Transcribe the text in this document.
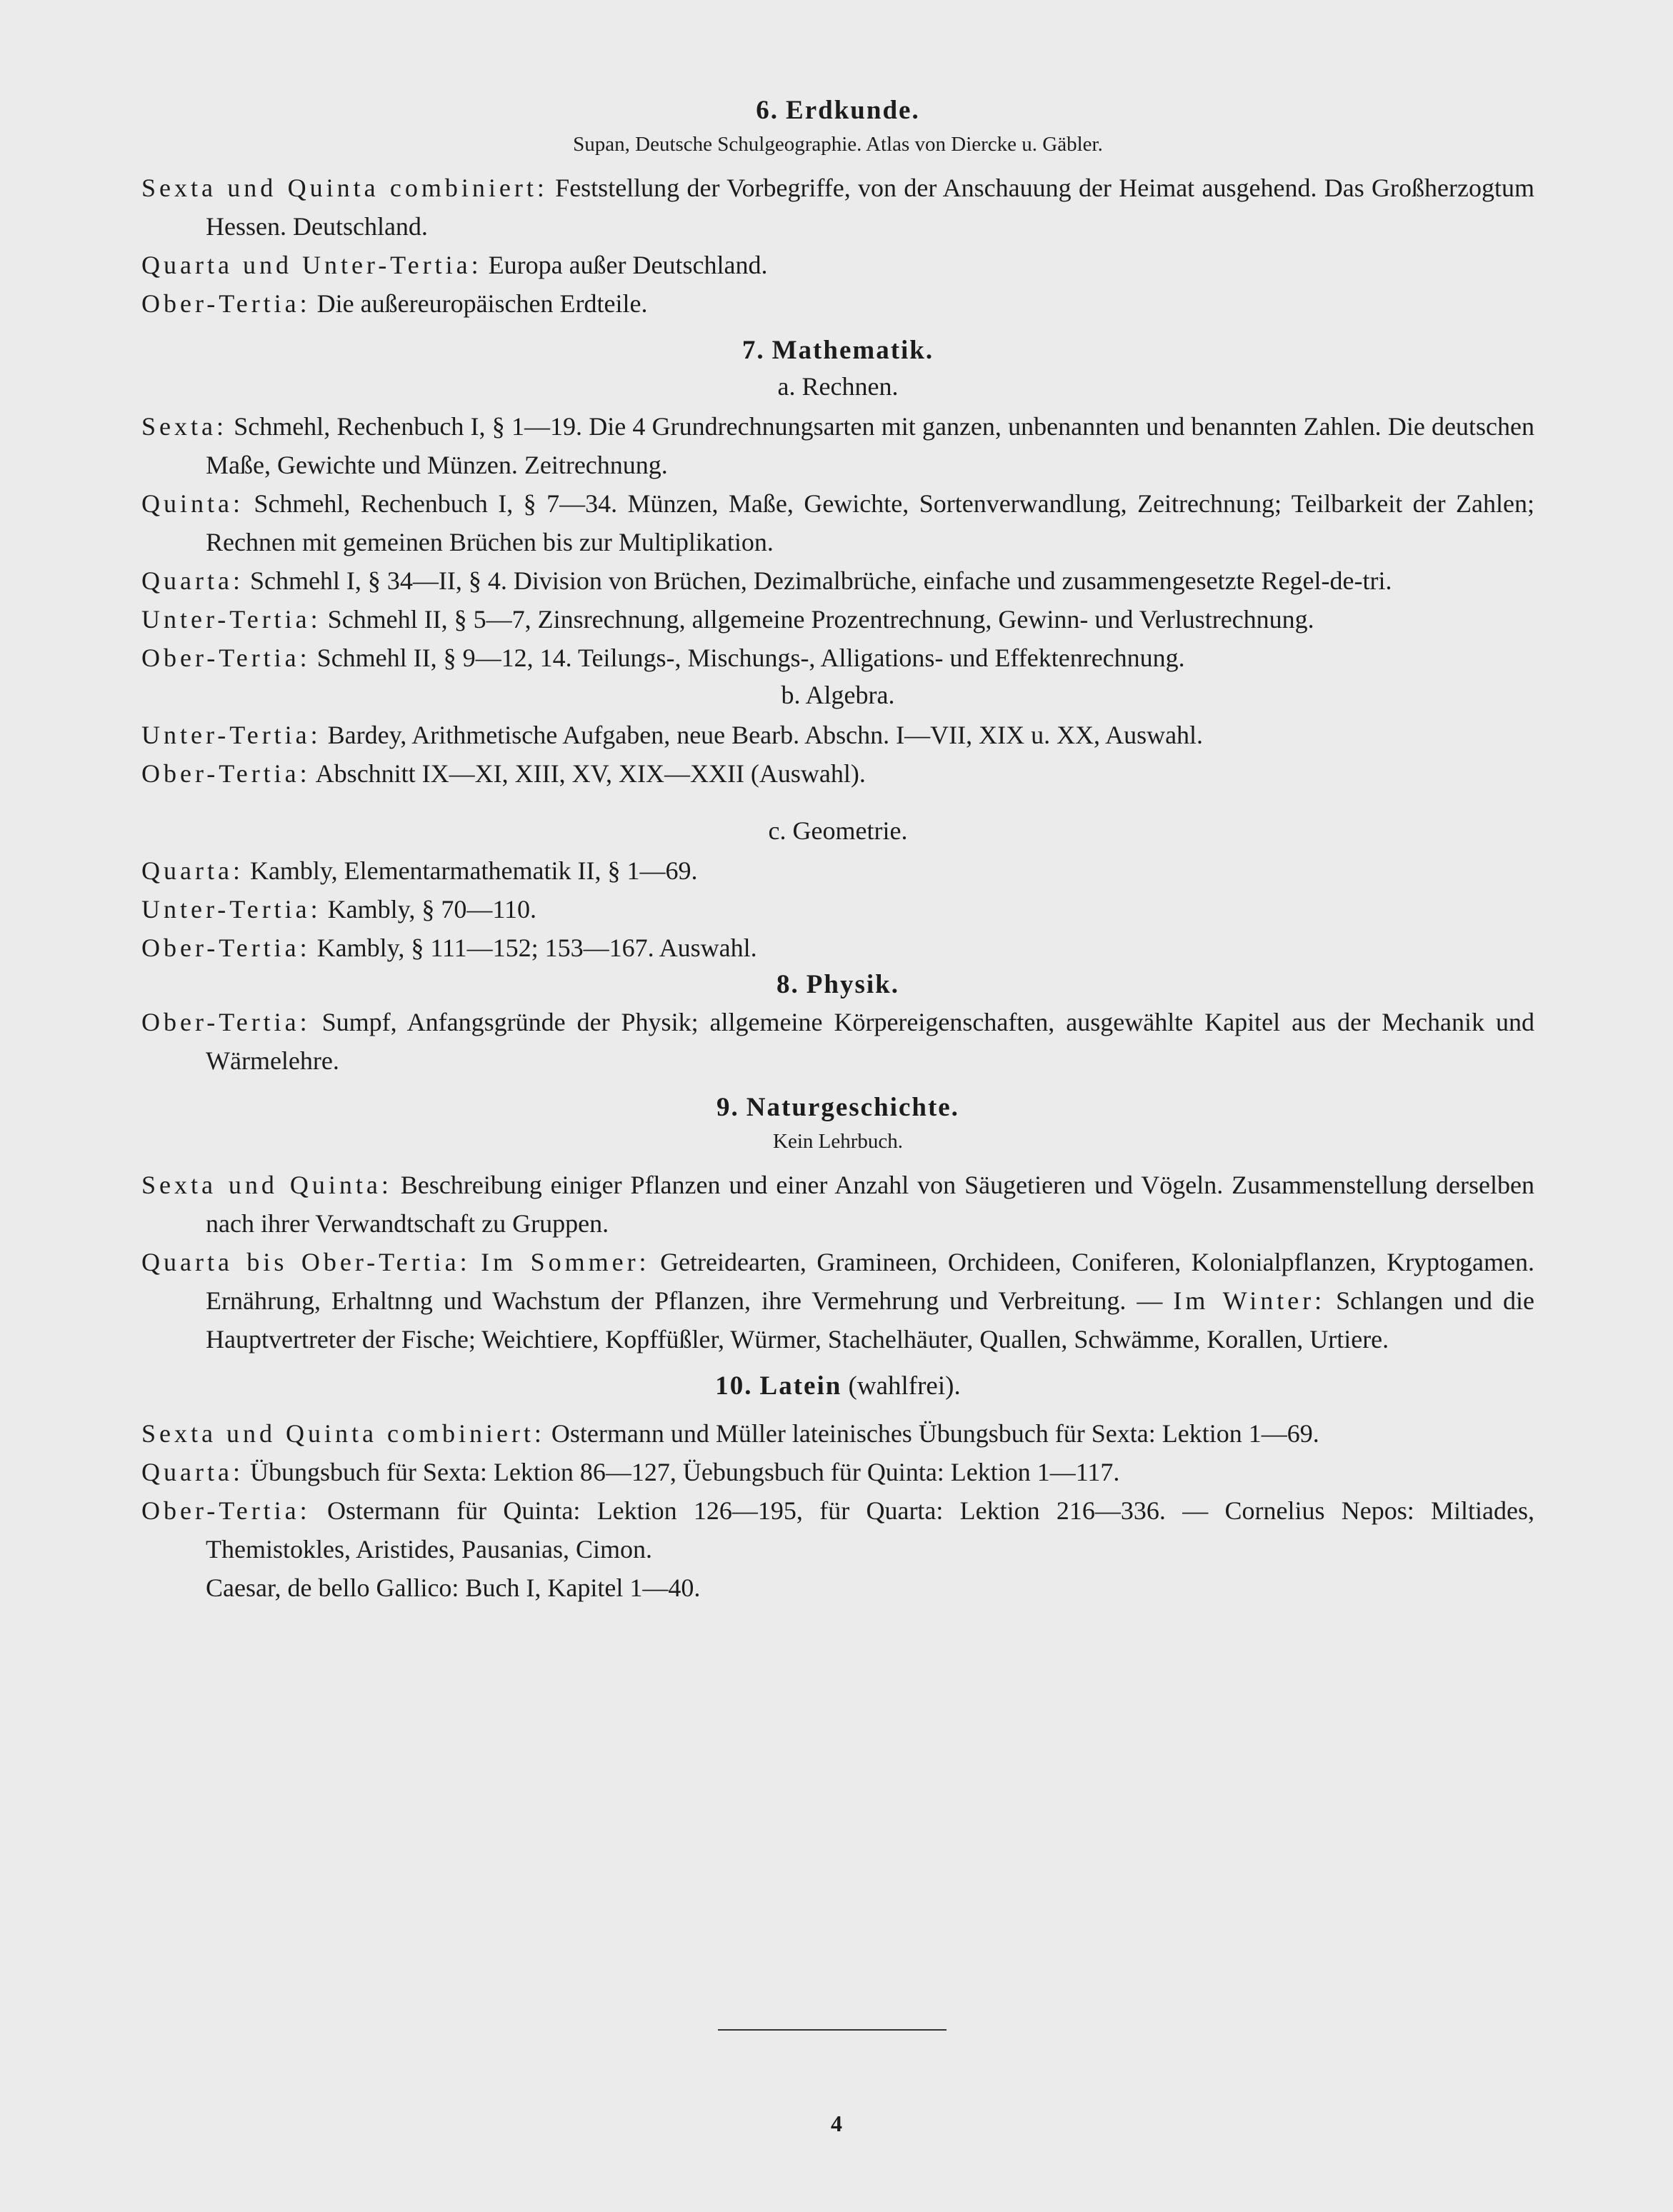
6. Erdkunde.

Supan, Deutsche Schulgeographie. Atlas von Diercke u. Gäbler.

Sexta und Quinta combiniert: Feststellung der Vorbegriffe, von der Anschauung der Heimat ausgehend. Das Großherzogtum Hessen. Deutschland.

Quarta und Unter-Tertia: Europa außer Deutschland.

Ober-Tertia: Die außereuropäischen Erdteile.

7. Mathematik.

a. Rechnen.

Sexta: Schmehl, Rechenbuch I, § 1—19. Die 4 Grundrechnungsarten mit ganzen, unbenannten und benannten Zahlen. Die deutschen Maße, Gewichte und Münzen. Zeitrechnung.

Quinta: Schmehl, Rechenbuch I, § 7—34. Münzen, Maße, Gewichte, Sortenverwandlung, Zeitrechnung; Teilbarkeit der Zahlen; Rechnen mit gemeinen Brüchen bis zur Multiplikation.

Quarta: Schmehl I, § 34—II, § 4. Division von Brüchen, Dezimalbrüche, einfache und zusammengesetzte Regel-de-tri.

Unter-Tertia: Schmehl II, § 5—7, Zinsrechnung, allgemeine Prozentrechnung, Gewinn- und Verlustrechnung.

Ober-Tertia: Schmehl II, § 9—12, 14. Teilungs-, Mischungs-, Alligations- und Effektenrechnung.

b. Algebra.

Unter-Tertia: Bardey, Arithmetische Aufgaben, neue Bearb. Abschn. I—VII, XIX u. XX, Auswahl.

Ober-Tertia: Abschnitt IX—XI, XIII, XV, XIX—XXII (Auswahl).

c. Geometrie.

Quarta: Kambly, Elementarmathematik II, § 1—69.

Unter-Tertia: Kambly, § 70—110.

Ober-Tertia: Kambly, § 111—152; 153—167. Auswahl.

8. Physik.

Ober-Tertia: Sumpf, Anfangsgründe der Physik; allgemeine Körpereigenschaften, ausgewählte Kapitel aus der Mechanik und Wärmelehre.

9. Naturgeschichte.

Kein Lehrbuch.

Sexta und Quinta: Beschreibung einiger Pflanzen und einer Anzahl von Säugetieren und Vögeln. Zusammenstellung derselben nach ihrer Verwandtschaft zu Gruppen.

Quarta bis Ober-Tertia: Im Sommer: Getreidearten, Gramineen, Orchideen, Coniferen, Kolonialpflanzen, Kryptogamen. Ernährung, Erhaltnng und Wachstum der Pflanzen, ihre Vermehrung und Verbreitung. — Im Winter: Schlangen und die Hauptvertreter der Fische; Weichtiere, Kopffüßler, Würmer, Stachelhäuter, Quallen, Schwämme, Korallen, Urtiere.

10. Latein (wahlfrei).

Sexta und Quinta combiniert: Ostermann und Müller lateinisches Übungsbuch für Sexta: Lektion 1—69.

Quarta: Übungsbuch für Sexta: Lektion 86—127, Üebungsbuch für Quinta: Lektion 1—117.

Ober-Tertia: Ostermann für Quinta: Lektion 126—195, für Quarta: Lektion 216—336. — Cornelius Nepos: Miltiades, Themistokles, Aristides, Pausanias, Cimon.
Caesar, de bello Gallico: Buch I, Kapitel 1—40.

4
